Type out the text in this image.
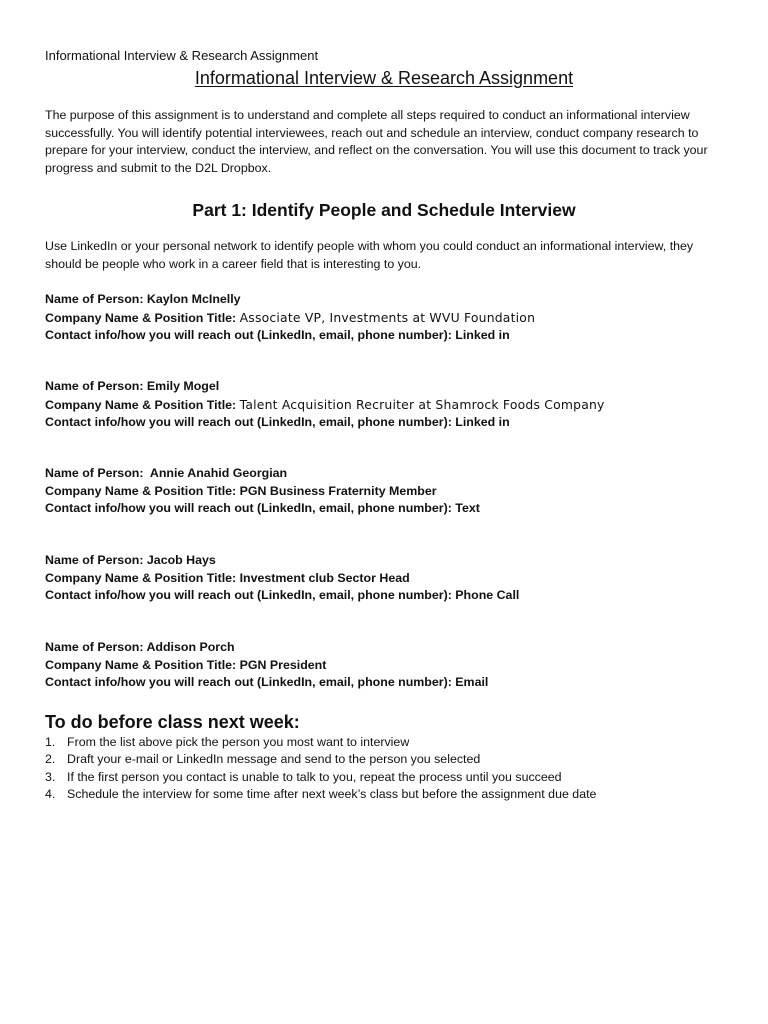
Informational Interview & Research Assignment
Informational Interview & Research Assignment

The purpose of this assignment is to understand and complete all steps required to conduct an informational interview successfully. You will identify potential interviewees, reach out and schedule an interview, conduct company research to prepare for your interview, conduct the interview, and reflect on the conversation. You will use this document to track your progress and submit to the D2L Dropbox.

Part 1: Identify People and Schedule Interview

Use LinkedIn or your personal network to identify people with whom you could conduct an informational interview, they should be people who work in a career field that is interesting to you.

Name of Person: Kaylon McInelly
Company Name & Position Title: Associate VP, Investments at WVU Foundation
Contact info/how you will reach out (LinkedIn, email, phone number): Linked in
Name of Person: Emily Mogel
Company Name & Position Title: Talent Acquisition Recruiter at Shamrock Foods Company
Contact info/how you will reach out (LinkedIn, email, phone number): Linked in
Name of Person:  Annie Anahid Georgian
Company Name & Position Title: PGN Business Fraternity Member
Contact info/how you will reach out (LinkedIn, email, phone number): Text
Name of Person: Jacob Hays
Company Name & Position Title: Investment club Sector Head
Contact info/how you will reach out (LinkedIn, email, phone number): Phone Call
Name of Person: Addison Porch
Company Name & Position Title: PGN President
Contact info/how you will reach out (LinkedIn, email, phone number): Email
To do before class next week:
1. From the list above pick the person you most want to interview
2. Draft your e-mail or LinkedIn message and send to the person you selected
3. If the first person you contact is unable to talk to you, repeat the process until you succeed
4. Schedule the interview for some time after next week’s class but before the assignment due date
